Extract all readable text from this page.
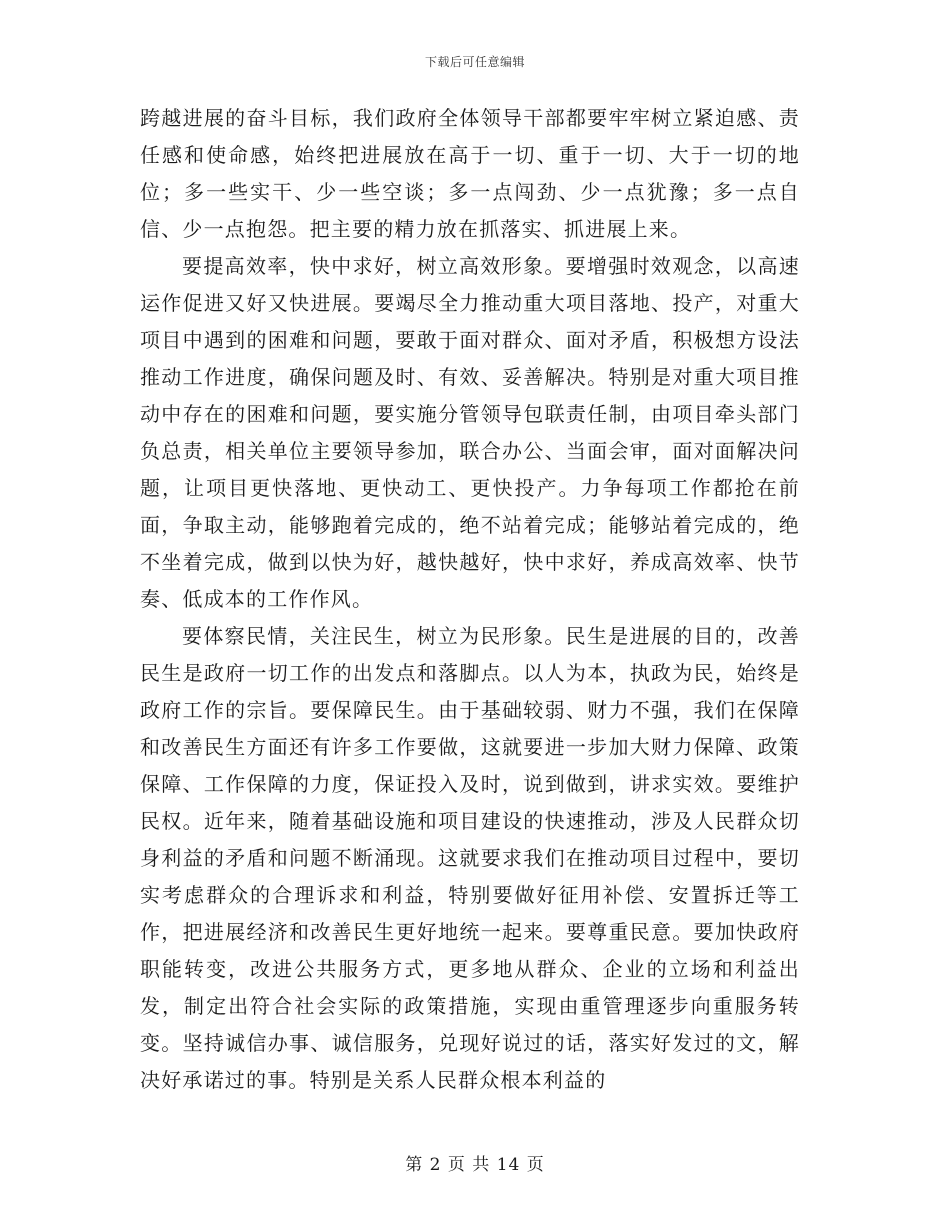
下载后可任意编辑

跨越进展的奋斗目标，我们政府全体领导干部都要牢牢树立紧迫感、责任感和使命感，始终把进展放在高于一切、重于一切、大于一切的地位；多一些实干、少一些空谈；多一点闯劲、少一点犹豫；多一点自信、少一点抱怨。把主要的精力放在抓落实、抓进展上来。

要提高效率，快中求好，树立高效形象。要增强时效观念，以高速运作促进又好又快进展。要竭尽全力推动重大项目落地、投产，对重大项目中遇到的困难和问题，要敢于面对群众、面对矛盾，积极想方设法推动工作进度，确保问题及时、有效、妥善解决。特别是对重大项目推动中存在的困难和问题，要实施分管领导包联责任制，由项目牵头部门负总责，相关单位主要领导参加，联合办公、当面会审，面对面解决问题，让项目更快落地、更快动工、更快投产。力争每项工作都抢在前面，争取主动，能够跑着完成的，绝不站着完成；能够站着完成的，绝不坐着完成，做到以快为好，越快越好，快中求好，养成高效率、快节奏、低成本的工作作风。

要体察民情，关注民生，树立为民形象。民生是进展的目的，改善民生是政府一切工作的出发点和落脚点。以人为本，执政为民，始终是政府工作的宗旨。要保障民生。由于基础较弱、财力不强，我们在保障和改善民生方面还有许多工作要做，这就要进一步加大财力保障、政策保障、工作保障的力度，保证投入及时，说到做到，讲求实效。要维护民权。近年来，随着基础设施和项目建设的快速推动，涉及人民群众切身利益的矛盾和问题不断涌现。这就要求我们在推动项目过程中，要切实考虑群众的合理诉求和利益，特别要做好征用补偿、安置拆迁等工作，把进展经济和改善民生更好地统一起来。要尊重民意。要加快政府职能转变，改进公共服务方式，更多地从群众、企业的立场和利益出发，制定出符合社会实际的政策措施，实现由重管理逐步向重服务转变。坚持诚信办事、诚信服务，兑现好说过的话，落实好发过的文，解决好承诺过的事。特别是关系人民群众根本利益的

第 2 页 共 14 页
